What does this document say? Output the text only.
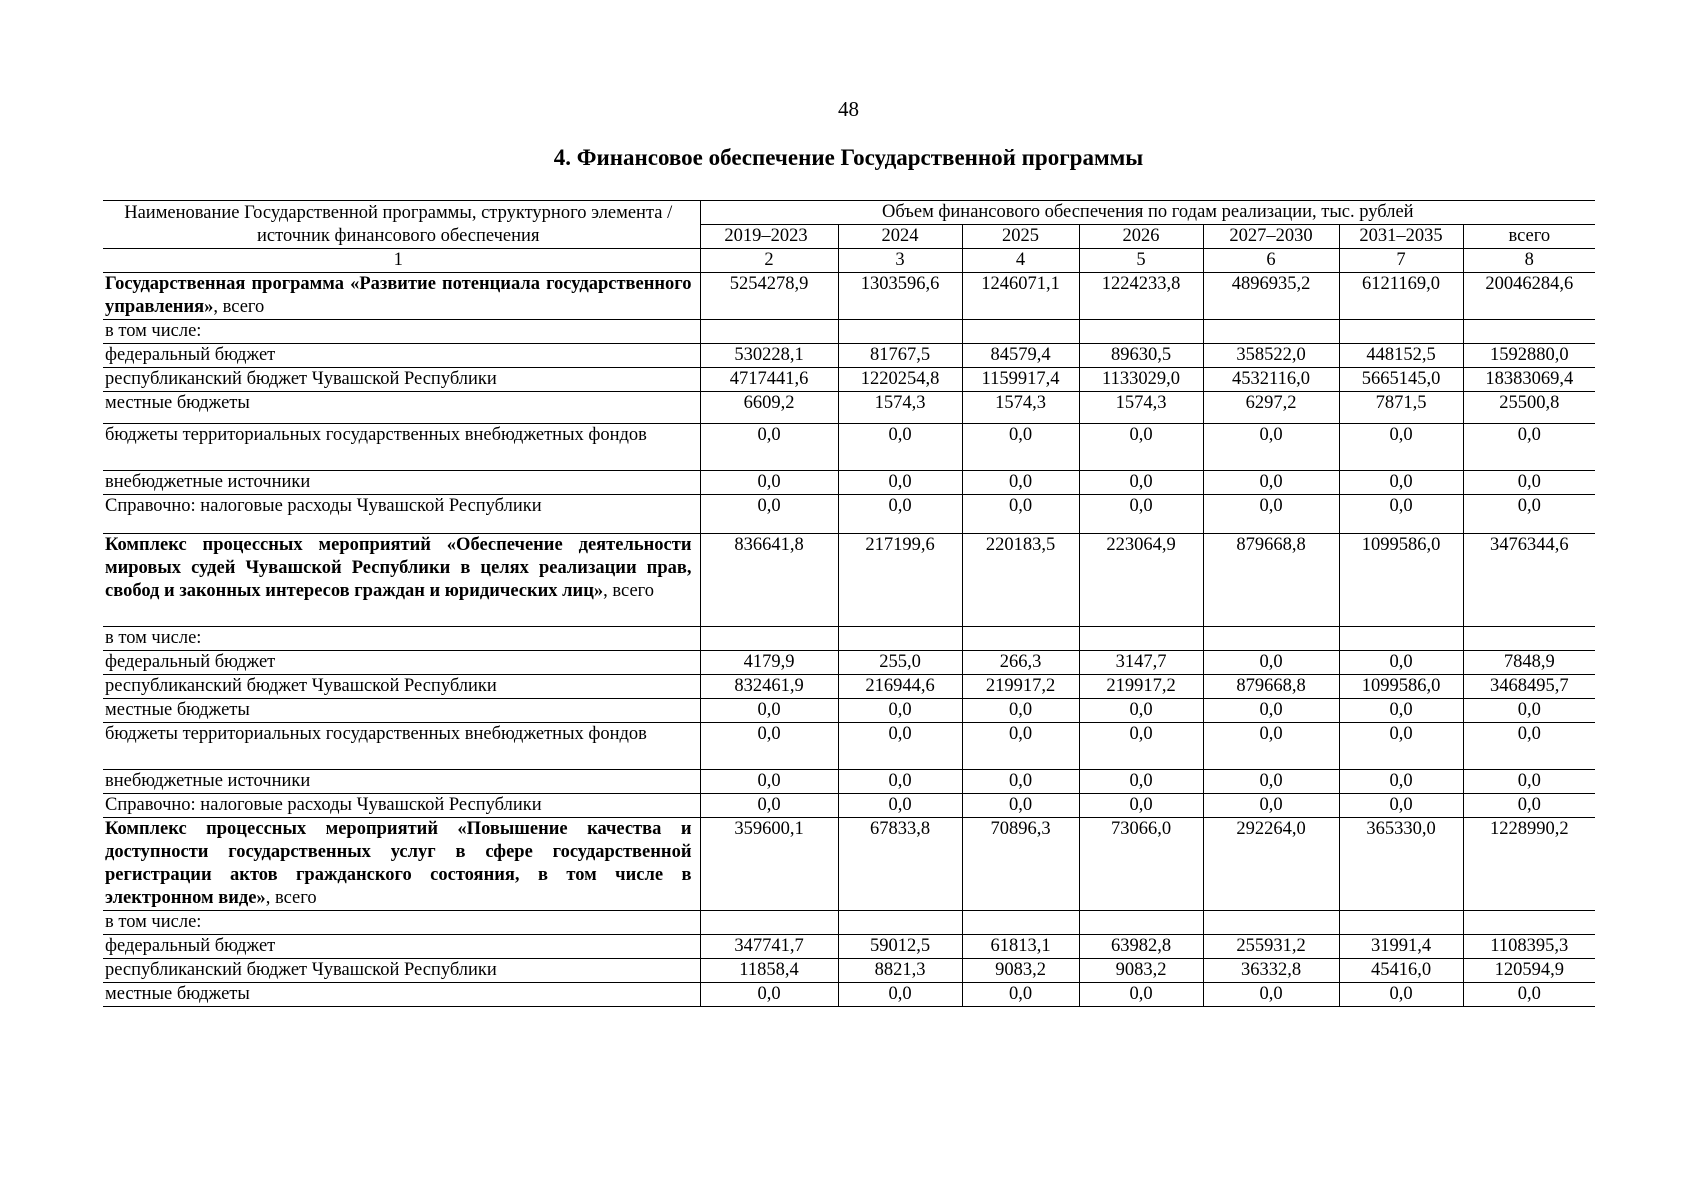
48
4. Финансовое обеспечение Государственной программы
Наименование Государственной программы, структурного элемента / источник финансового обеспечения	Объем финансового обеспечения по годам реализации, тыс. рублей						
	2019–2023	2024	2025	2026	2027–2030	2031–2035	всего
1	2	3	4	5	6	7	8
Государственная программа «Развитие потенциала государственного управления», всего	5254278,9	1303596,6	1246071,1	1224233,8	4896935,2	6121169,0	20046284,6
в том числе:							
федеральный бюджет	530228,1	81767,5	84579,4	89630,5	358522,0	448152,5	1592880,0
республиканский бюджет Чувашской Республики	4717441,6	1220254,8	1159917,4	1133029,0	4532116,0	5665145,0	18383069,4
местные бюджеты	6609,2	1574,3	1574,3	1574,3	6297,2	7871,5	25500,8
бюджеты территориальных государственных внебюджетных фондов	0,0	0,0	0,0	0,0	0,0	0,0	0,0
внебюджетные источники	0,0	0,0	0,0	0,0	0,0	0,0	0,0
Справочно: налоговые расходы Чувашской Республики	0,0	0,0	0,0	0,0	0,0	0,0	0,0
Комплекс процессных мероприятий «Обеспечение деятельности мировых судей Чувашской Республики в целях реализации прав, свобод и законных интересов граждан и юридических лиц», всего	836641,8	217199,6	220183,5	223064,9	879668,8	1099586,0	3476344,6
в том числе:							
федеральный бюджет	4179,9	255,0	266,3	3147,7	0,0	0,0	7848,9
республиканский бюджет Чувашской Республики	832461,9	216944,6	219917,2	219917,2	879668,8	1099586,0	3468495,7
местные бюджеты	0,0	0,0	0,0	0,0	0,0	0,0	0,0
бюджеты территориальных государственных внебюджетных фондов	0,0	0,0	0,0	0,0	0,0	0,0	0,0
внебюджетные источники	0,0	0,0	0,0	0,0	0,0	0,0	0,0
Справочно: налоговые расходы Чувашской Республики	0,0	0,0	0,0	0,0	0,0	0,0	0,0
Комплекс процессных мероприятий «Повышение качества и доступности государственных услуг в сфере государственной регистрации актов гражданского состояния, в том числе в электронном виде», всего	359600,1	67833,8	70896,3	73066,0	292264,0	365330,0	1228990,2
в том числе:							
федеральный бюджет	347741,7	59012,5	61813,1	63982,8	255931,2	31991,4	1108395,3
республиканский бюджет Чувашской Республики	11858,4	8821,3	9083,2	9083,2	36332,8	45416,0	120594,9
местные бюджеты	0,0	0,0	0,0	0,0	0,0	0,0	0,0
